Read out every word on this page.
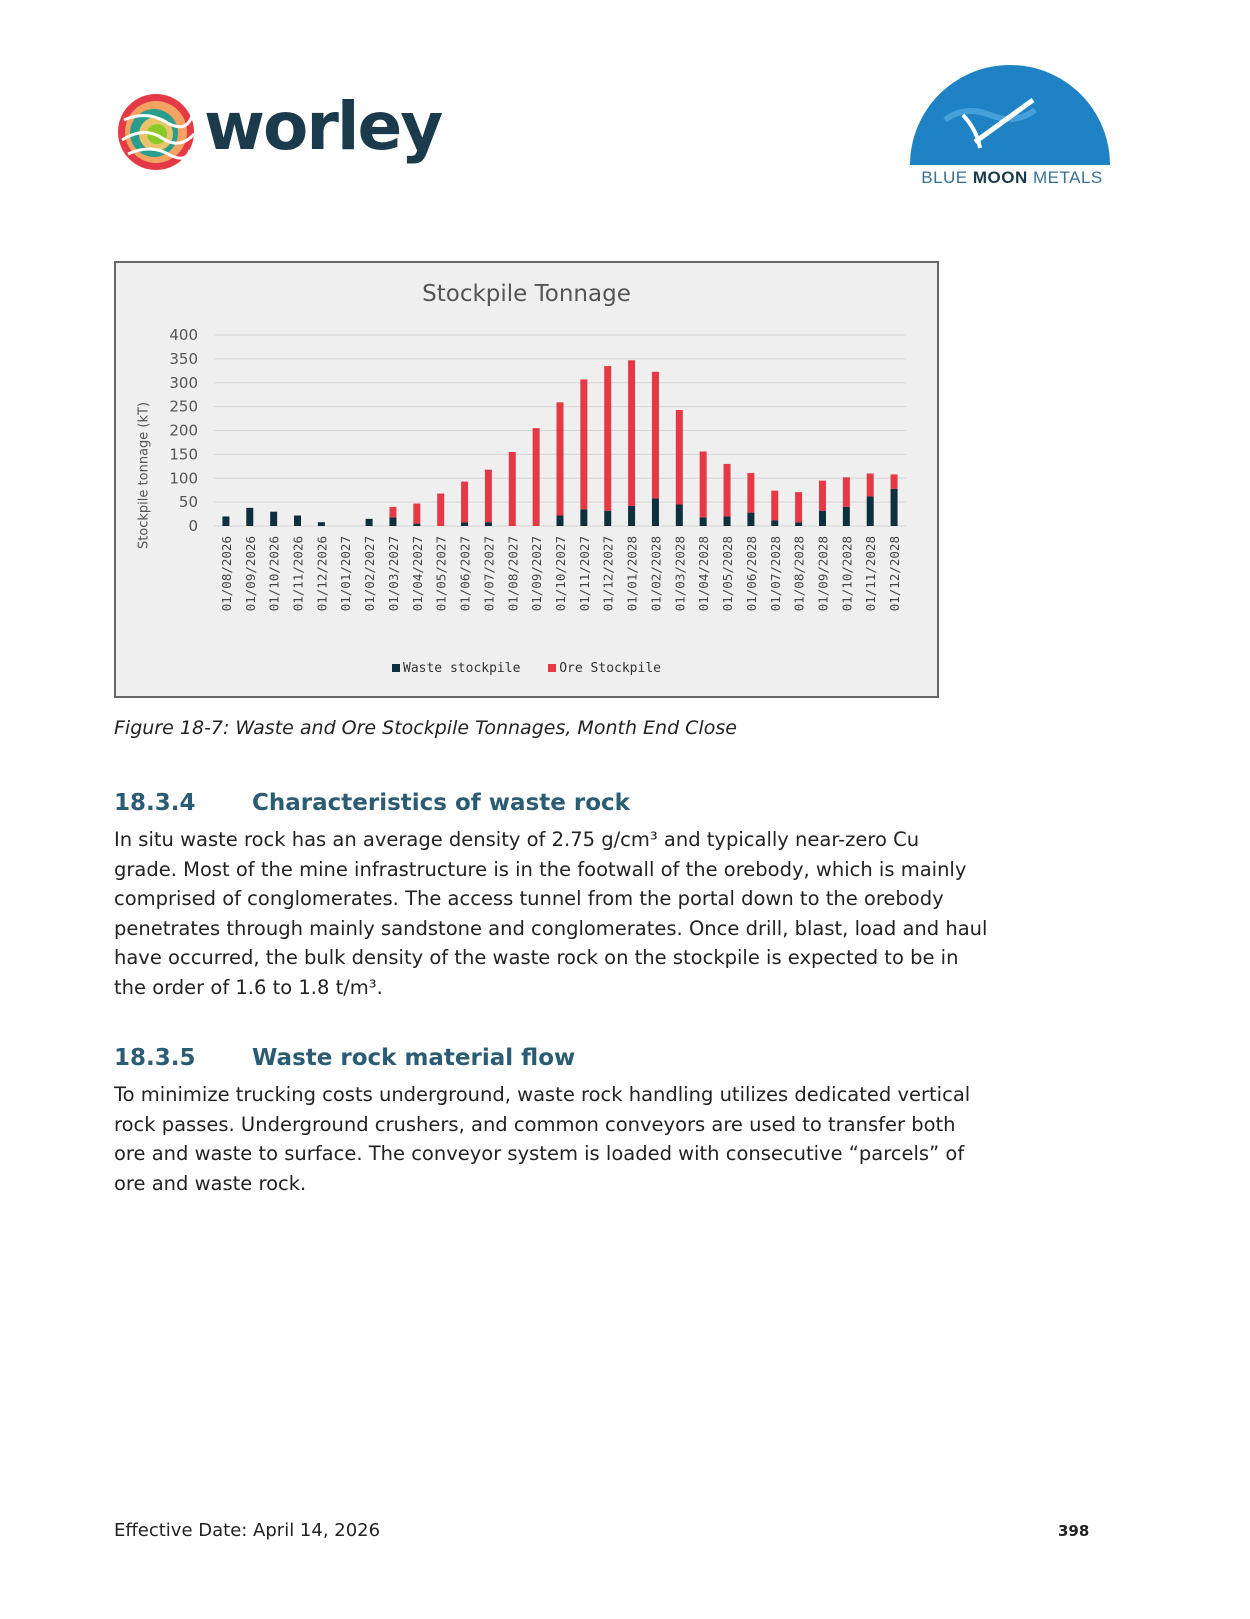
worley
BLUE MOON METALS
Stockpile Tonnage
Stockpile tonnage (kT) 0
50
100
150
200
250
300
350
400
01/08/2026 01/09/2026 01/10/2026 01/11/2026 01/12/2026 01/01/2027 01/02/2027 01/03/2027 01/04/2027 01/05/2027 01/06/2027 01/07/2027 01/08/2027 01/09/2027 01/10/2027 01/11/2027 01/12/2027 01/01/2028 01/02/2028 01/03/2028 01/04/2028 01/05/2028 01/06/2028 01/07/2028 01/08/2028 01/09/2028 01/10/2028 01/11/2028 01/12/2028
Waste stockpile	Ore Stockpile
Figure 18-7: Waste and Ore Stockpile Tonnages, Month End Close
18.3.4 Characteristics of waste rock
In situ waste rock has an average density of 2.75 g/cm³ and typically near-zero Cu
grade. Most of the mine infrastructure is in the footwall of the orebody, which is mainly
comprised of conglomerates. The access tunnel from the portal down to the orebody
penetrates through mainly sandstone and conglomerates. Once drill, blast, load and haul
have occurred, the bulk density of the waste rock on the stockpile is expected to be in
the order of 1.6 to 1.8 t/m³.
18.3.5 Waste rock material flow
To minimize trucking costs underground, waste rock handling utilizes dedicated vertical
rock passes. Underground crushers, and common conveyors are used to transfer both
ore and waste to surface. The conveyor system is loaded with consecutive “parcels” of
ore and waste rock.
Effective Date: April 14, 2026	398
